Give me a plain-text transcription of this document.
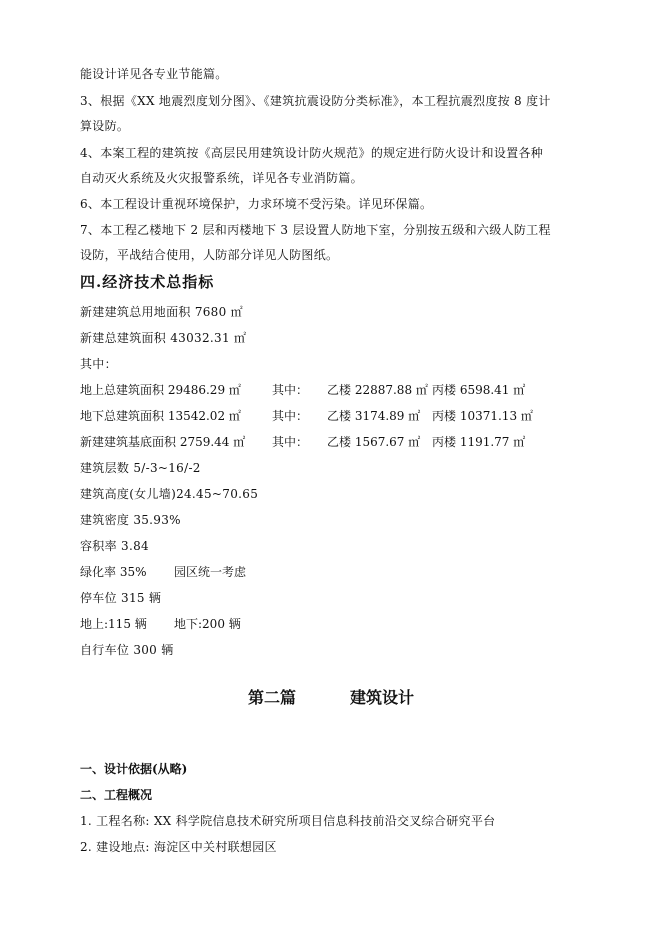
能设计详见各专业节能篇。
3、根据《XX 地震烈度划分图》、《建筑抗震设防分类标准》，本工程抗震烈度按 8 度计
算设防。
4、本案工程的建筑按《高层民用建筑设计防火规范》的规定进行防火设计和设置各种
自动灭火系统及火灾报警系统，详见各专业消防篇。
6、本工程设计重视环境保护，力求环境不受污染。详见环保篇。
7、本工程乙楼地下 2 层和丙楼地下 3 层设置人防地下室，分别按五级和六级人防工程
设防，平战结合使用，人防部分详见人防图纸。
四.经济技术总指标
新建建筑总用地面积 7680 ㎡
新建总建筑面积 43032.31 ㎡
其中：
地上总建筑面积 29486.29 ㎡	其中： 乙楼 22887.88 ㎡ 丙楼 6598.41 ㎡
地下总建筑面积 13542.02 ㎡	其中： 乙楼 3174.89 ㎡ 丙楼 10371.13 ㎡
新建建筑基底面积 2759.44 ㎡ 其中： 乙楼 1567.67 ㎡ 丙楼 1191.77 ㎡
建筑层数 5/-3~16/-2
建筑高度(女儿墙)24.45~70.65
建筑密度 35.93%
容积率 3.84
绿化率 35% 园区统一考虑
停车位 315 辆
地上:115 辆 地下:200 辆
自行车位 300 辆
第二篇	建筑设计
一、设计依据(从略)
二、工程概况
1. 工程名称: XX 科学院信息技术研究所项目信息科技前沿交叉综合研究平台
2. 建设地点: 海淀区中关村联想园区
